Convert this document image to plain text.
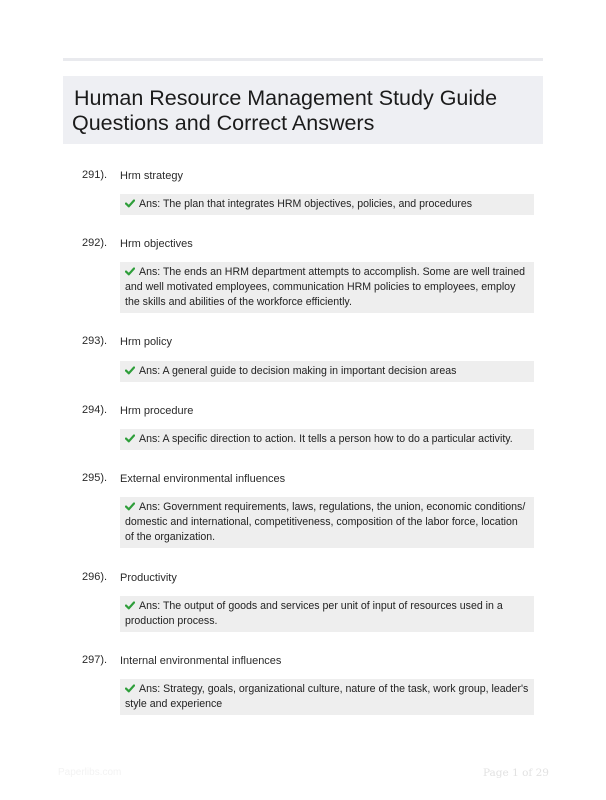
Human Resource Management Study Guide
Questions and Correct Answers
291). Hrm strategy
Ans: The plan that integrates HRM objectives, policies, and procedures
292). Hrm objectives
Ans: The ends an HRM department attempts to accomplish. Some are well trained and well motivated employees, communication HRM policies to employees, employ the skills and abilities of the workforce efficiently.
293). Hrm policy
Ans: A general guide to decision making in important decision areas
294). Hrm procedure
Ans: A specific direction to action. It tells a person how to do a particular activity.
295). External environmental influences
Ans: Government requirements, laws, regulations, the union, economic conditions/ domestic and international, competitiveness, composition of the labor force, location of the organization.
296). Productivity
Ans: The output of goods and services per unit of input of resources used in a production process.
297). Internal environmental influences
Ans: Strategy, goals, organizational culture, nature of the task, work group, leader's style and experience
Paperlibs.com	Page 1 of 29
